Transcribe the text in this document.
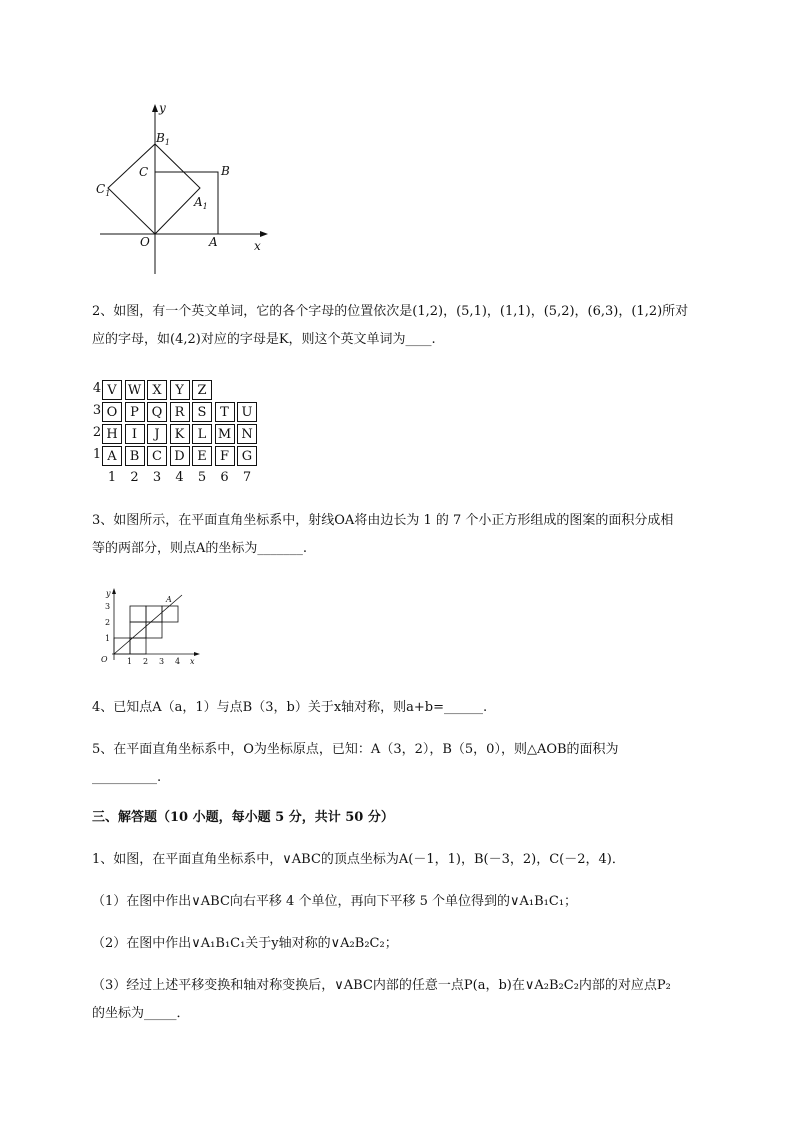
y
$B_1$
C	B
$C_1$
$A_1$
O	A	x

2、如图，有一个英文单词，它的各个字母的位置依次是(1,2)，(5,1)，(1,1)，(5,2)，(6,3)，(1,2)所对

应的字母，如(4,2)对应的字母是K，则这个英文单词为____.

4 V W X	Y	Z
3 O P Q R	S	T U
2 H	I	J	K	L M N
1 A	B C D E	F G
1	2	3	4	5	6	7

3、如图所示，在平面直角坐标系中，射线OA将由边长为 1 的 7 个小正方形组成的图案的面积分成相

等的两部分，则点A的坐标为_______.

y
A
3
2
1
O 1 2 3 4 x

4、已知点A（a，1）与点B（3，b）关于x轴对称，则a+b=______.

5、在平面直角坐标系中，O为坐标原点，已知：A（3，2），B（5，0），则△AOB的面积为

__________.

三、解答题（10 小题，每小题 5 分，共计 50 分）

1、如图，在平面直角坐标系中，∨ABC的顶点坐标为A(－1，1)，B(－3，2)，C(－2，4)．

（1）在图中作出∨ABC向右平移 4 个单位，再向下平移 5 个单位得到的∨A₁B₁C₁；

（2）在图中作出∨A₁B₁C₁关于y轴对称的∨A₂B₂C₂；

（3）经过上述平移变换和轴对称变换后，∨ABC内部的任意一点P(a，b)在∨A₂B₂C₂内部的对应点P₂

的坐标为_____．
